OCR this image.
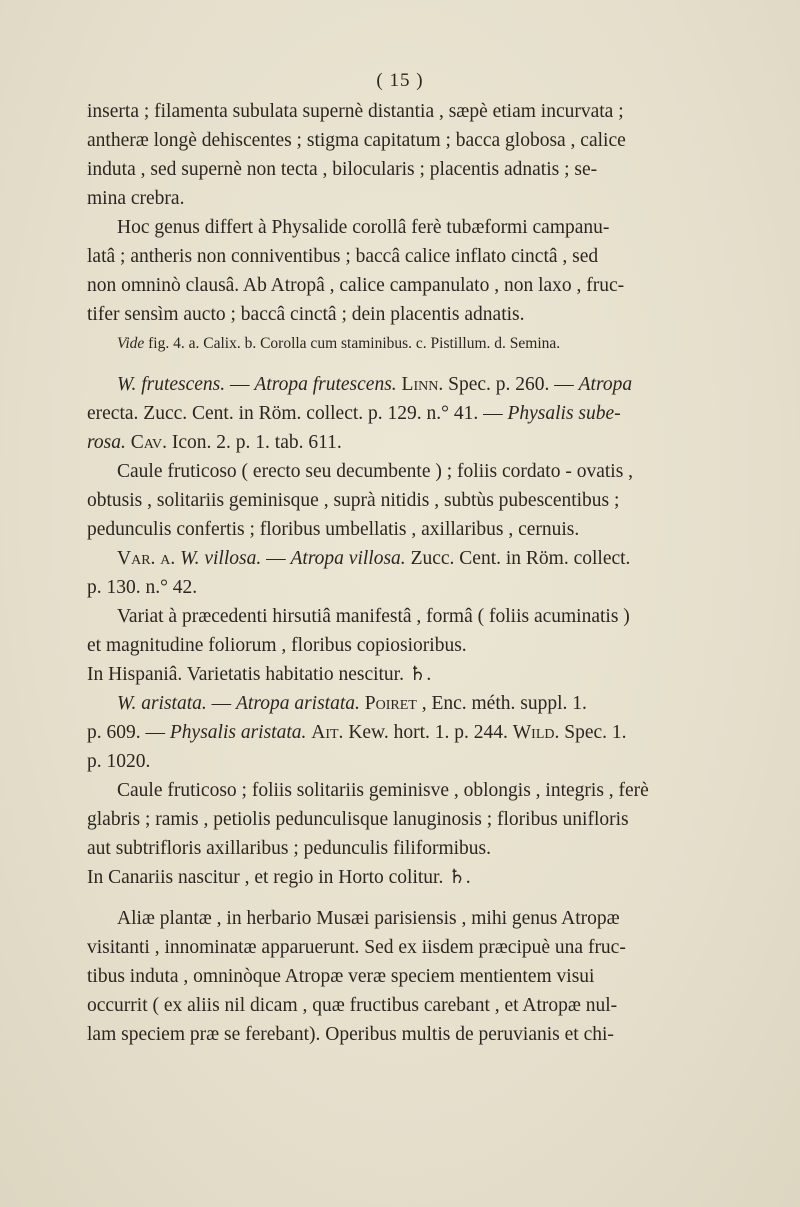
( 15 )

inserta ; filamenta subulata supernè distantia , sæpè etiam incurvata ;
antheræ longè dehiscentes ; stigma capitatum ; bacca globosa , calice
induta , sed supernè non tecta , bilocularis ; placentis adnatis ; se-
mina crebra.

Hoc genus differt à Physalide corollâ ferè tubæformi campanu-
latâ ; antheris non conniventibus ; baccâ calice inflato cinctâ , sed
non omninò clausâ. Ab Atropâ , calice campanulato , non laxo , fruc-
tifer sensìm aucto ; baccâ cinctâ ; dein placentis adnatis.

Vide fig. 4. a. Calix. b. Corolla cum staminibus. c. Pistillum. d. Semina.

W. frutescens. — Atropa frutescens. Linn. Spec. p. 260. — Atropa
erecta. Zucc. Cent. in Röm. collect. p. 129. n.° 41. — Physalis sube-
rosa. Cav. Icon. 2. p. 1. tab. 611.

Caule fruticoso ( erecto seu decumbente ) ; foliis cordato - ovatis ,
obtusis , solitariis geminisque , suprà nitidis , subtùs pubescentibus ;
pedunculis confertis ; floribus umbellatis , axillaribus , cernuis.

Var. α. W. villosa. — Atropa villosa. Zucc. Cent. in Röm. collect.
p. 130. n.° 42.

Variat à præcedenti hirsutiâ manifestâ , formâ ( foliis acuminatis )
et magnitudine foliorum , floribus copiosioribus.
In Hispaniâ. Varietatis habitatio nescitur. ♄.

W. aristata. — Atropa aristata. Poiret , Enc. méth. suppl. 1.
p. 609. — Physalis aristata. Ait. Kew. hort. 1. p. 244. Wild. Spec. 1.
p. 1020.

Caule fruticoso ; foliis solitariis geminisve , oblongis , integris , ferè
glabris ; ramis , petiolis pedunculisque lanuginosis ; floribus unifloris
aut subtrifloris axillaribus ; pedunculis filiformibus.
In Canariis nascitur , et regio in Horto colitur. ♄.

Aliæ plantæ , in herbario Musæi parisiensis , mihi genus Atropæ
visitanti , innominatæ apparuerunt. Sed ex iisdem præcipuè una fruc-
tibus induta , omninòque Atropæ veræ speciem mentientem visui
occurrit ( ex aliis nil dicam , quæ fructibus carebant , et Atropæ nul-
lam speciem præ se ferebant). Operibus multis de peruvianis et chi-
